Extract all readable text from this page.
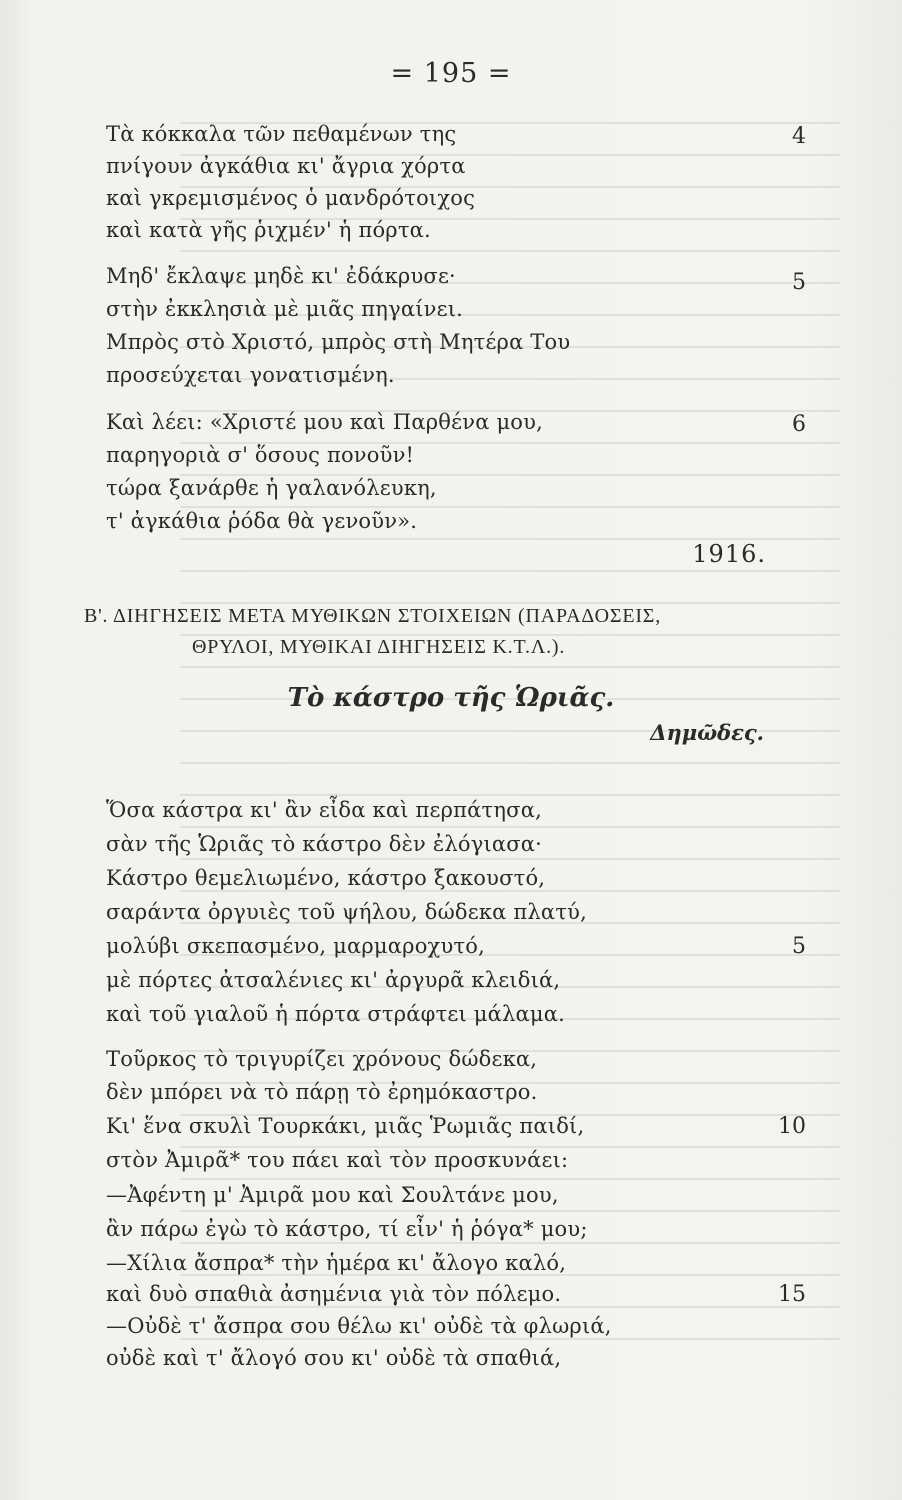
= 195 =
Τὰ κόκκαλα τῶν πεθαμένων της
πνίγουν ἀγκάθια κι' ἄγρια χόρτα
καὶ γκρεμισμένος ὁ μανδρότοιχος
καὶ κατὰ γῆς ῥιχμέν' ἡ πόρτα.
Μηδ' ἔκλαψε μηδὲ κι' ἐδάκρυσε·
στὴν ἐκκλησιὰ μὲ μιᾶς πηγαίνει.
Μπρὸς στὸ Χριστό, μπρὸς στὴ Μητέρα Του
προσεύχεται γονατισμένη.
Καὶ λέει: «Χριστέ μου καὶ Παρθένα μου,
παρηγοριὰ σ' ὅσους πονοῦν!
τώρα ξανάρθε ἡ γαλανόλευκη,
τ' ἀγκάθια ῥόδα θὰ γενοῦν».
4
5
6
1916.
Β'. ΔΙΗΓΗΣΕΙΣ ΜΕΤΑ ΜΥΘΙΚΩΝ ΣΤΟΙΧΕΙΩΝ (ΠΑΡΑΔΟΣΕΙΣ,
ΘΡΥΛΟΙ, ΜΥΘΙΚΑΙ ΔΙΗΓΗΣΕΙΣ Κ.Τ.Λ.).
Τὸ κάστρο τῆς Ὡριᾶς.
Δημῶδες.
Ὅσα κάστρα κι' ἂν εἶδα καὶ περπάτησα,
σὰν τῆς Ὡριᾶς τὸ κάστρο δὲν ἐλόγιασα·
Κάστρο θεμελιωμένο, κάστρο ξακουστό,
σαράντα ὀργυιὲς τοῦ ψήλου, δώδεκα πλατύ,
μολύβι σκεπασμένο, μαρμαροχυτό,
μὲ πόρτες ἀτσαλένιες κι' ἀργυρᾶ κλειδιά,
καὶ τοῦ γιαλοῦ ἡ πόρτα στράφτει μάλαμα.
Τοῦρκος τὸ τριγυρίζει χρόνους δώδεκα,
δὲν μπόρει νὰ τὸ πάρῃ τὸ ἐρημόκαστρο.
Κι' ἕνα σκυλὶ Τουρκάκι, μιᾶς Ῥωμιᾶς παιδί,
στὸν Ἀμιρᾶ* του πάει καὶ τὸν προσκυνάει:
—Ἀφέντη μ' Ἀμιρᾶ μου καὶ Σουλτάνε μου,
ἂν πάρω ἐγὼ τὸ κάστρο, τί εἶν' ἡ ῥόγα* μου;
—Χίλια ἄσπρα* τὴν ἡμέρα κι' ἄλογο καλό,
καὶ δυὸ σπαθιὰ ἀσημένια γιὰ τὸν πόλεμο.
—Οὐδὲ τ' ἄσπρα σου θέλω κι' οὐδὲ τὰ φλωριά,
οὐδὲ καὶ τ' ἄλογό σου κι' οὐδὲ τὰ σπαθιά,
5
10
15
